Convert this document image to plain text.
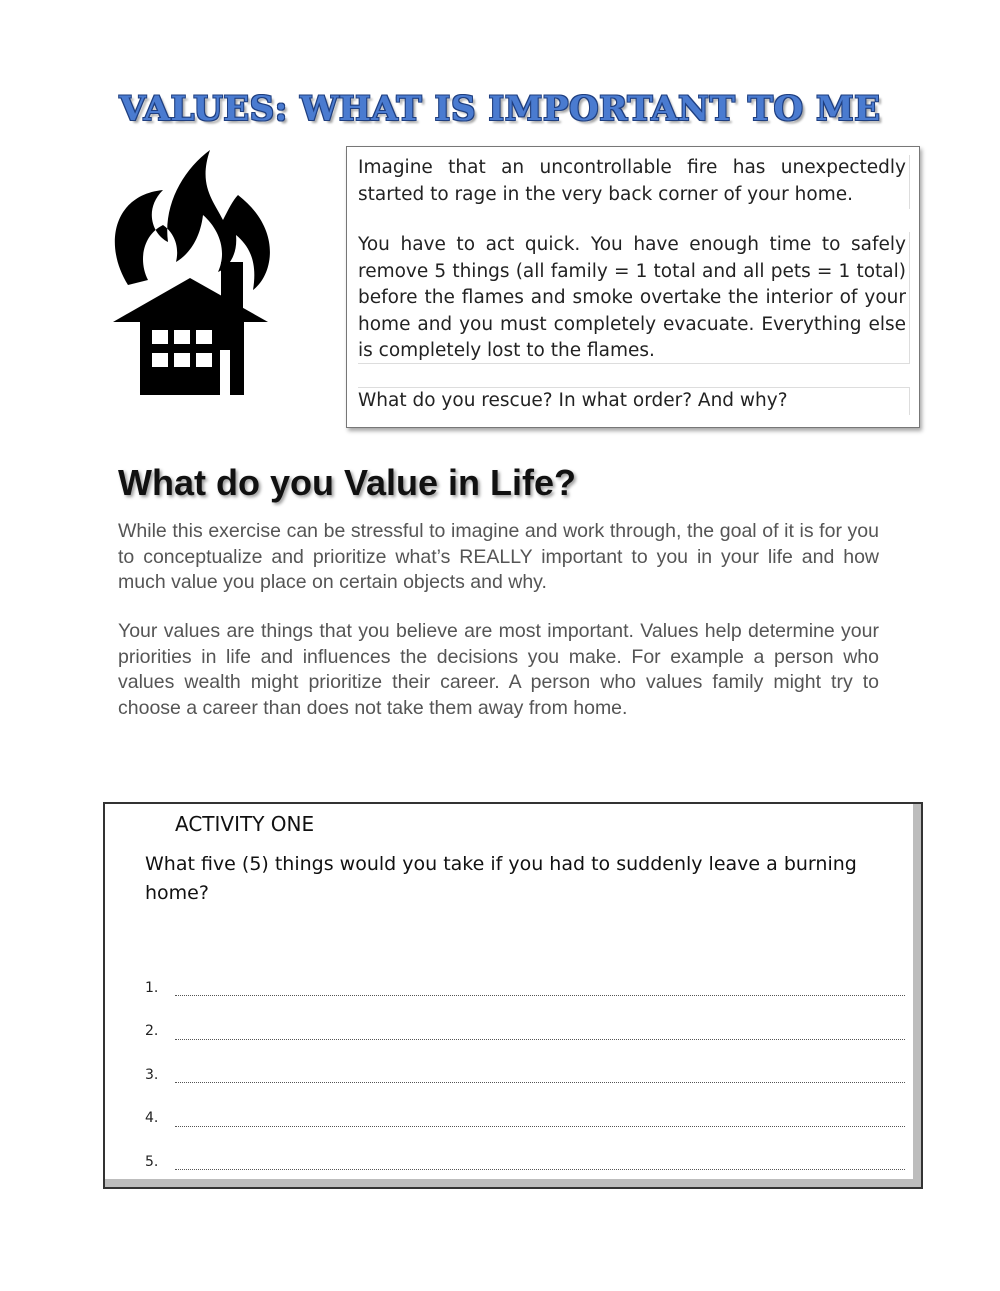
VALUES: WHAT IS IMPORTANT TO ME

Imagine that an uncontrollable fire has unexpectedly started to rage in the very back corner of your home.

You have to act quick. You have enough time to safely remove 5 things (all family = 1 total and all pets = 1 total) before the flames and smoke overtake the interior of your home and you must completely evacuate. Everything else is completely lost to the flames.

What do you rescue? In what order? And why?

What do you Value in Life?

While this exercise can be stressful to imagine and work through, the goal of it is for you to conceptualize and prioritize what’s REALLY important to you in your life and how much value you place on certain objects and why.

Your values are things that you believe are most important. Values help determine your priorities in life and influences the decisions you make. For example a person who values wealth might prioritize their career. A person who values family might try to choose a career than does not take them away from home.

ACTIVITY ONE

What five (5) things would you take if you had to suddenly leave a burning home?

1.
2.
3.
4.
5.
